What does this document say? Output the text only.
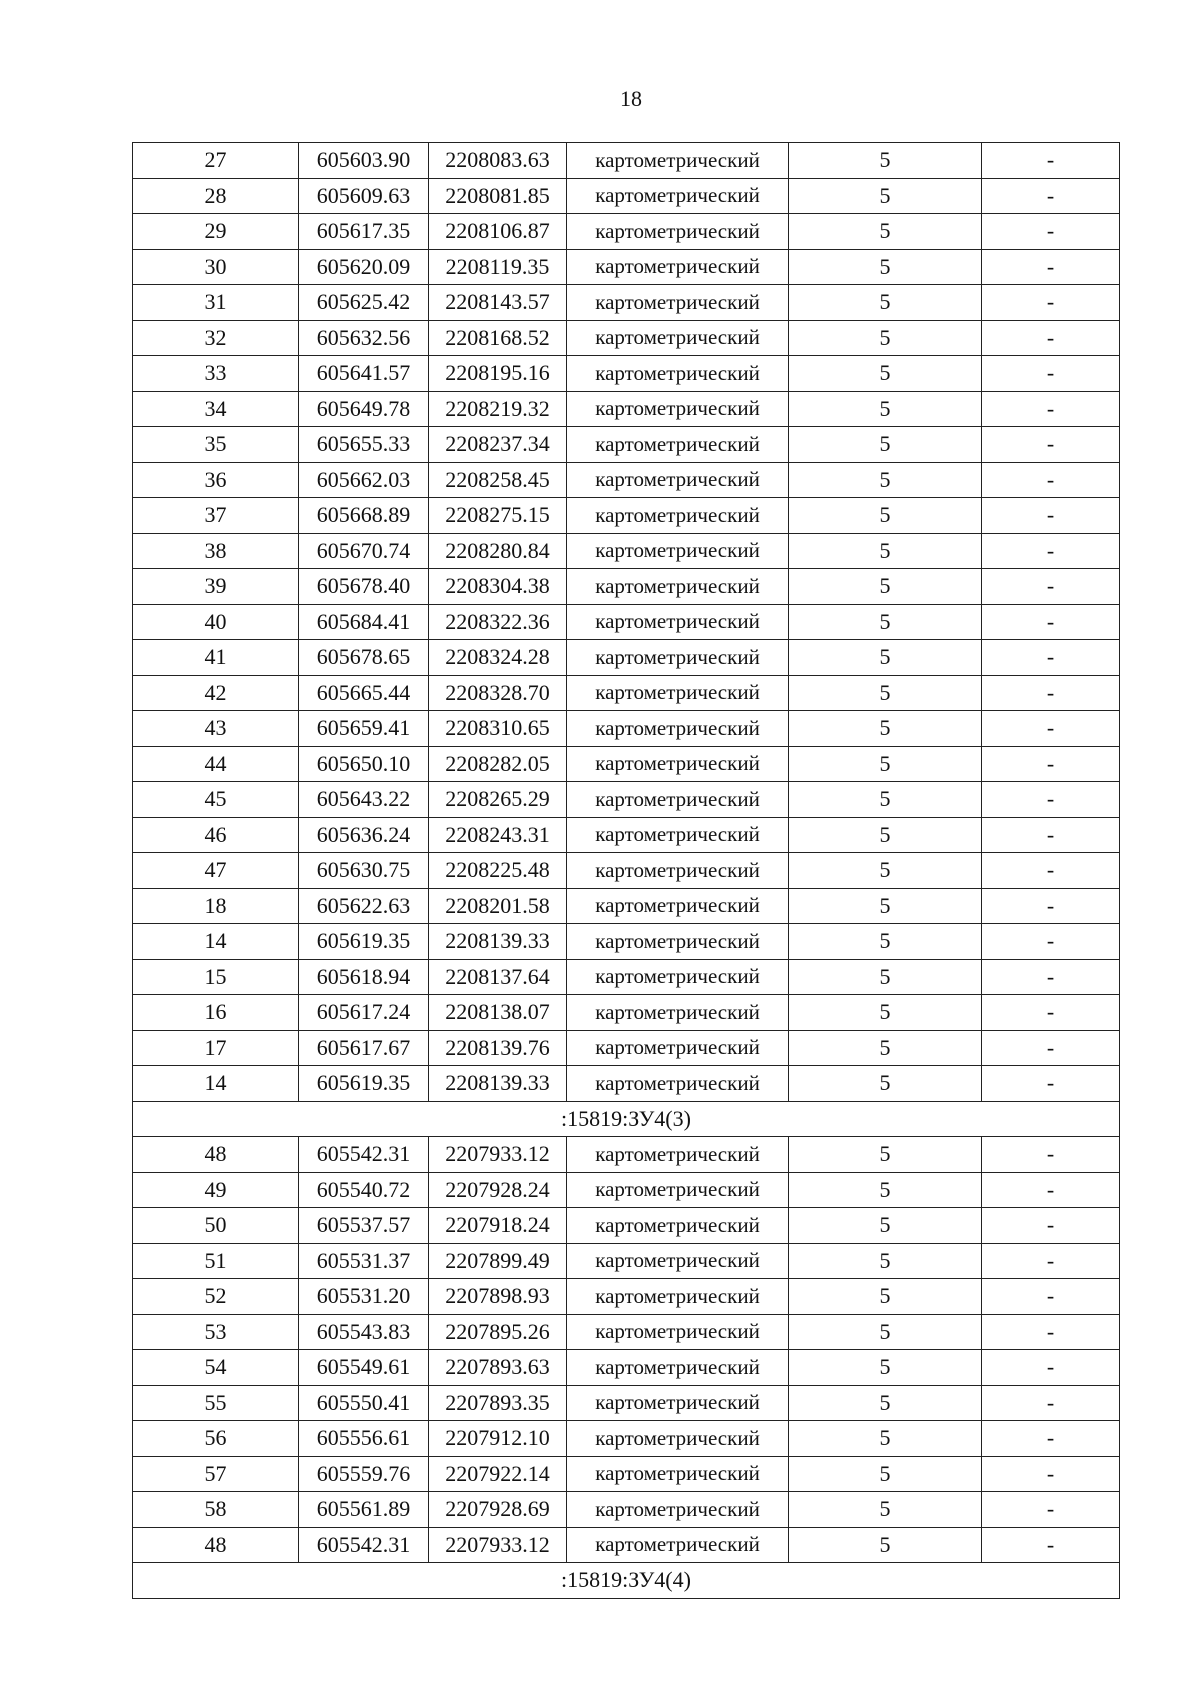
18
27	605603.90	2208083.63	картометрический	5	-
28	605609.63	2208081.85	картометрический	5	-
29	605617.35	2208106.87	картометрический	5	-
30	605620.09	2208119.35	картометрический	5	-
31	605625.42	2208143.57	картометрический	5	-
32	605632.56	2208168.52	картометрический	5	-
33	605641.57	2208195.16	картометрический	5	-
34	605649.78	2208219.32	картометрический	5	-
35	605655.33	2208237.34	картометрический	5	-
36	605662.03	2208258.45	картометрический	5	-
37	605668.89	2208275.15	картометрический	5	-
38	605670.74	2208280.84	картометрический	5	-
39	605678.40	2208304.38	картометрический	5	-
40	605684.41	2208322.36	картометрический	5	-
41	605678.65	2208324.28	картометрический	5	-
42	605665.44	2208328.70	картометрический	5	-
43	605659.41	2208310.65	картометрический	5	-
44	605650.10	2208282.05	картометрический	5	-
45	605643.22	2208265.29	картометрический	5	-
46	605636.24	2208243.31	картометрический	5	-
47	605630.75	2208225.48	картометрический	5	-
18	605622.63	2208201.58	картометрический	5	-
14	605619.35	2208139.33	картометрический	5	-
15	605618.94	2208137.64	картометрический	5	-
16	605617.24	2208138.07	картометрический	5	-
17	605617.67	2208139.76	картометрический	5	-
14	605619.35	2208139.33	картометрический	5	-
:15819:ЗУ4(3)					
48	605542.31	2207933.12	картометрический	5	-
49	605540.72	2207928.24	картометрический	5	-
50	605537.57	2207918.24	картометрический	5	-
51	605531.37	2207899.49	картометрический	5	-
52	605531.20	2207898.93	картометрический	5	-
53	605543.83	2207895.26	картометрический	5	-
54	605549.61	2207893.63	картометрический	5	-
55	605550.41	2207893.35	картометрический	5	-
56	605556.61	2207912.10	картометрический	5	-
57	605559.76	2207922.14	картометрический	5	-
58	605561.89	2207928.69	картометрический	5	-
48	605542.31	2207933.12	картометрический	5	-
:15819:ЗУ4(4)					
